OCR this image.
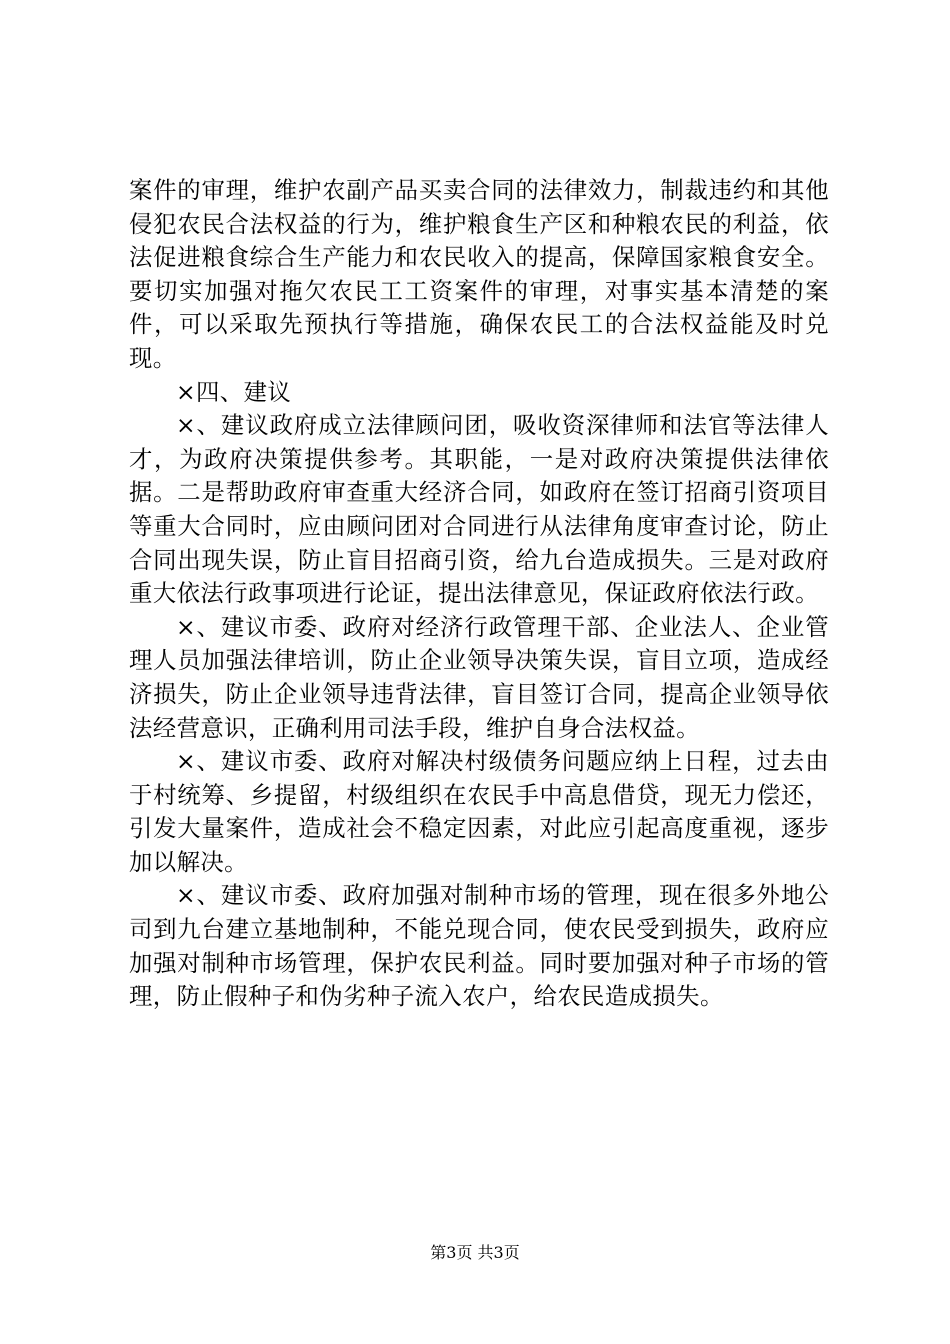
案件的审理，维护农副产品买卖合同的法律效力，制裁违约和其他侵犯农民合法权益的行为，维护粮食生产区和种粮农民的利益，依法促进粮食综合生产能力和农民收入的提高，保障国家粮食安全。要切实加强对拖欠农民工工资案件的审理，对事实基本清楚的案件，可以采取先预执行等措施，确保农民工的合法权益能及时兑现。

×四、建议

×、建议政府成立法律顾问团，吸收资深律师和法官等法律人才，为政府决策提供参考。其职能，一是对政府决策提供法律依据。二是帮助政府审查重大经济合同，如政府在签订招商引资项目等重大合同时，应由顾问团对合同进行从法律角度审查讨论，防止合同出现失误，防止盲目招商引资，给九台造成损失。三是对政府重大依法行政事项进行论证，提出法律意见，保证政府依法行政。

×、建议市委、政府对经济行政管理干部、企业法人、企业管理人员加强法律培训，防止企业领导决策失误，盲目立项，造成经济损失，防止企业领导违背法律，盲目签订合同，提高企业领导依法经营意识，正确利用司法手段，维护自身合法权益。

×、建议市委、政府对解决村级债务问题应纳上日程，过去由于村统筹、乡提留，村级组织在农民手中高息借贷，现无力偿还，引发大量案件，造成社会不稳定因素，对此应引起高度重视，逐步加以解决。

×、建议市委、政府加强对制种市场的管理，现在很多外地公司到九台建立基地制种，不能兑现合同，使农民受到损失，政府应加强对制种市场管理，保护农民利益。同时要加强对种子市场的管理，防止假种子和伪劣种子流入农户，给农民造成损失。

第3页 共3页
